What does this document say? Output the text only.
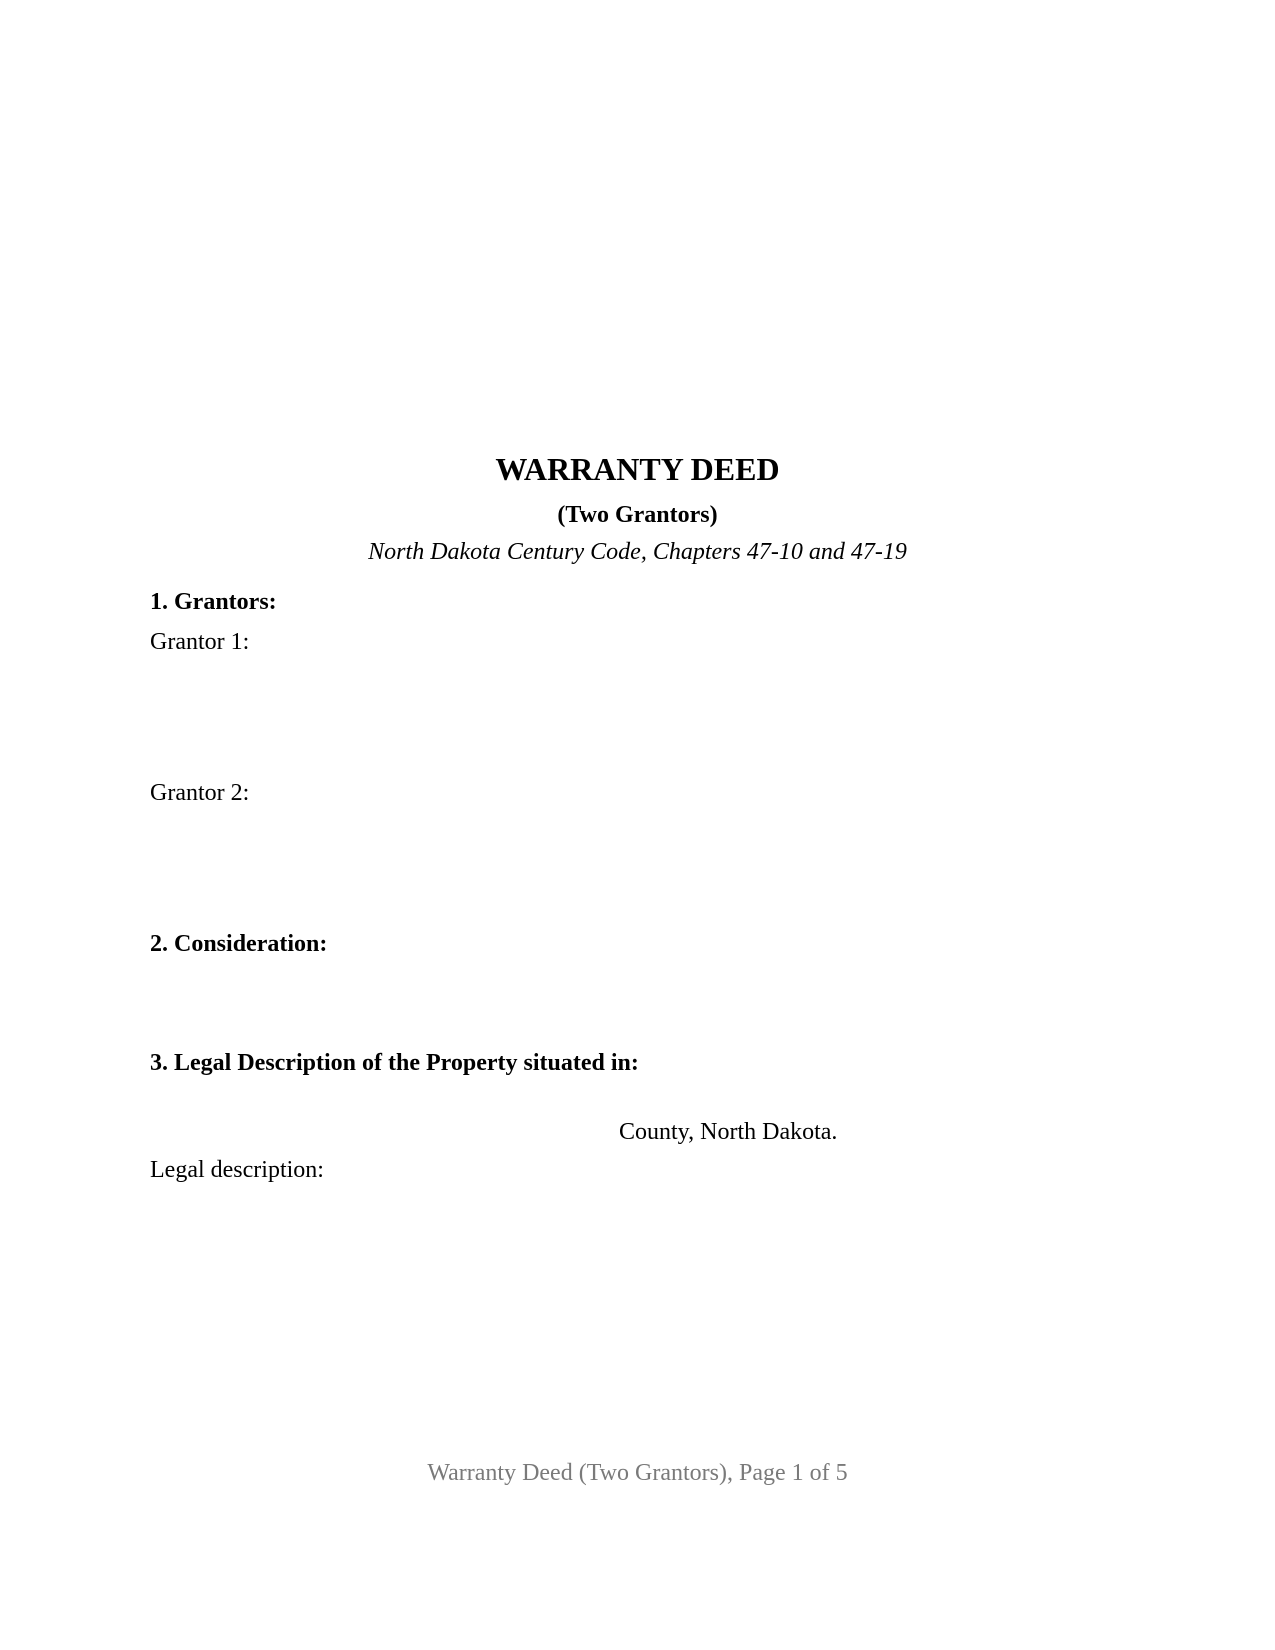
WARRANTY DEED
(Two Grantors)
North Dakota Century Code, Chapters 47-10 and 47-19
1. Grantors:
Grantor 1:
Grantor 2:
2. Consideration:
3. Legal Description of the Property situated in:
County, North Dakota.
Legal description:
Warranty Deed (Two Grantors), Page 1 of 5
